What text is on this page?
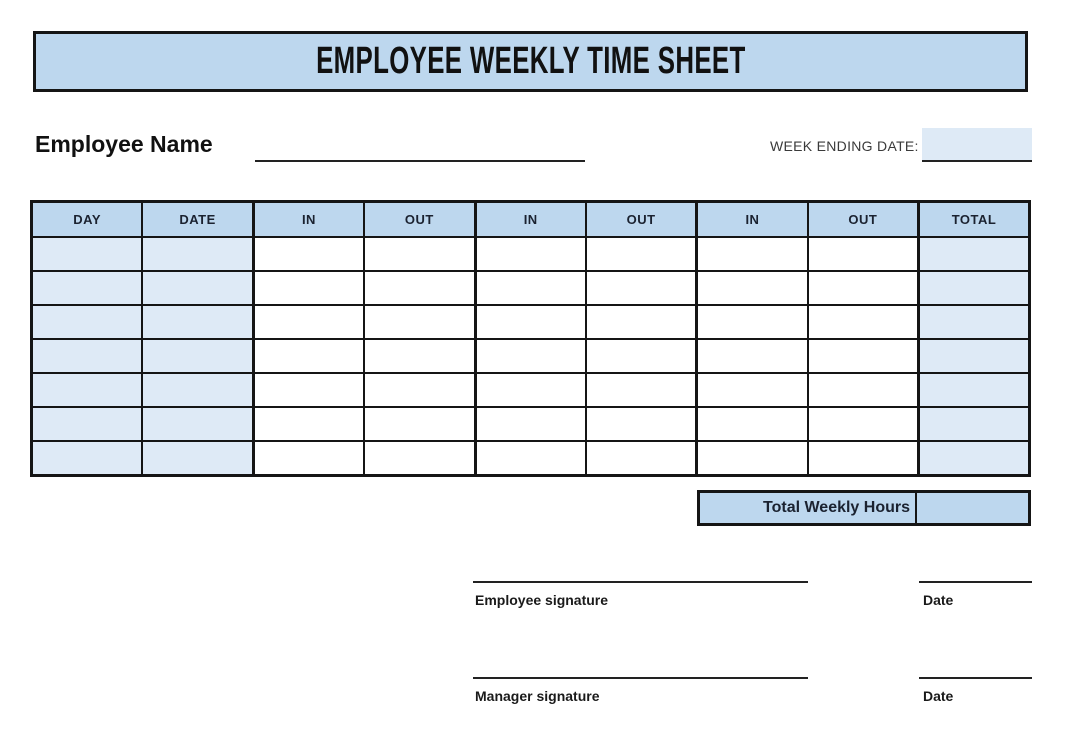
EMPLOYEE WEEKLY TIME SHEET
Employee Name	WEEK ENDING DATE:
DAY	DATE	IN	OUT	IN	OUT	IN	OUT	TOTAL

Total Weekly Hours
Employee signature	Date
Manager signature	Date
